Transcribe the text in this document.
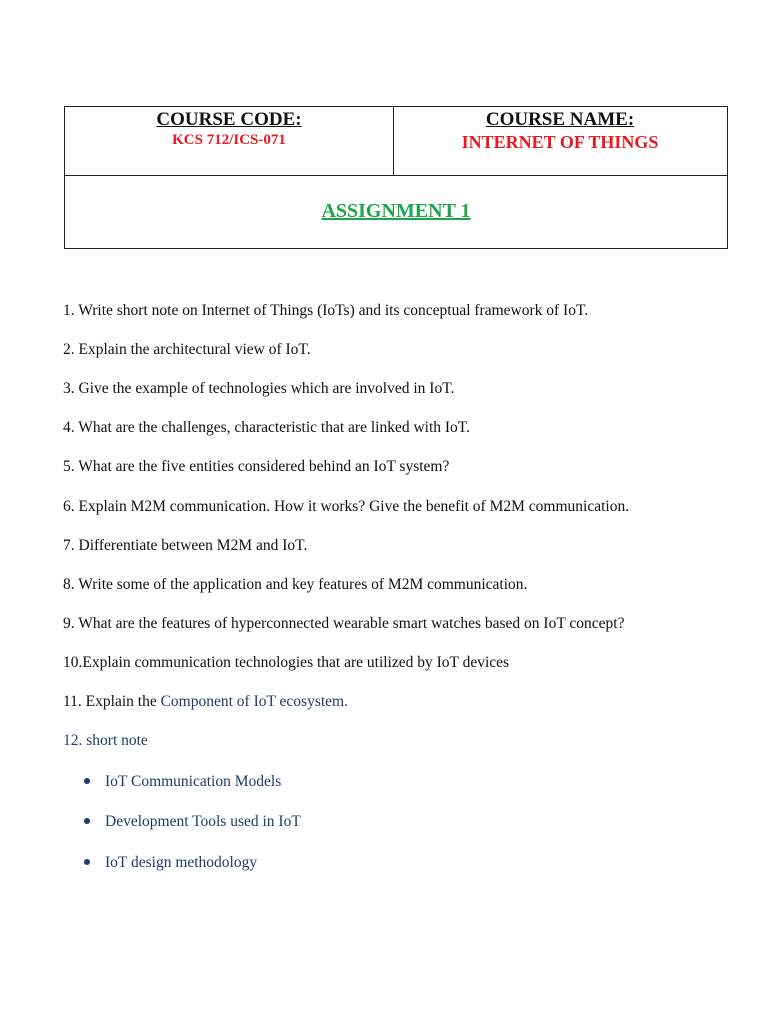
COURSE CODE:
KCS 712/ICS-071
COURSE NAME:
INTERNET OF THINGS
ASSIGNMENT 1
1. Write short note on Internet of Things (IoTs) and its conceptual framework of IoT.
2. Explain the architectural view of IoT.
3. Give the example of technologies which are involved in IoT.
4. What are the challenges, characteristic that are linked with IoT.
5. What are the five entities considered behind an IoT system?
6. Explain M2M communication. How it works? Give the benefit of M2M communication.
7. Differentiate between M2M and IoT.
8. Write some of the application and key features of M2M communication.
9. What are the features of hyperconnected wearable smart watches based on IoT concept?
10.Explain communication technologies that are utilized by IoT devices
11. Explain the Component of IoT ecosystem.
12. short note
IoT Communication Models
Development Tools used in IoT
IoT design methodology
